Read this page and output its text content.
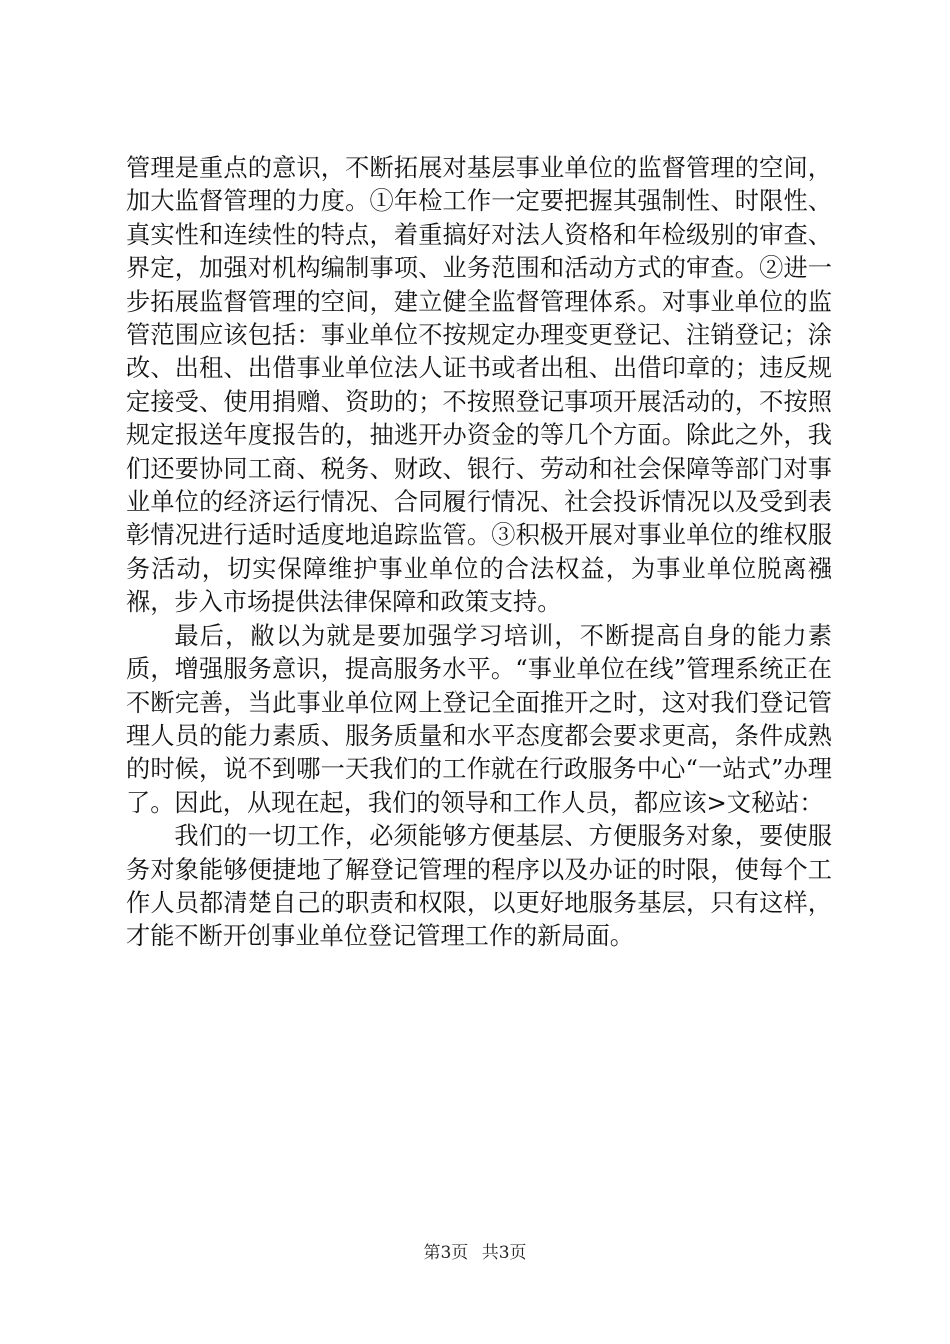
管理是重点的意识，不断拓展对基层事业单位的监督管理的空间，加大监督管理的力度。①年检工作一定要把握其强制性、时限性、真实性和连续性的特点，着重搞好对法人资格和年检级别的审查、界定，加强对机构编制事项、业务范围和活动方式的审查。②进一步拓展监督管理的空间，建立健全监督管理体系。对事业单位的监管范围应该包括：事业单位不按规定办理变更登记、注销登记；涂改、出租、出借事业单位法人证书或者出租、出借印章的；违反规定接受、使用捐赠、资助的；不按照登记事项开展活动的，不按照规定报送年度报告的，抽逃开办资金的等几个方面。除此之外，我们还要协同工商、税务、财政、银行、劳动和社会保障等部门对事业单位的经济运行情况、合同履行情况、社会投诉情况以及受到表彰情况进行适时适度地追踪监管。③积极开展对事业单位的维权服务活动，切实保障维护事业单位的合法权益，为事业单位脱离襁褓，步入市场提供法律保障和政策支持。

最后，敝以为就是要加强学习培训，不断提高自身的能力素质，增强服务意识，提高服务水平。“事业单位在线”管理系统正在不断完善，当此事业单位网上登记全面推开之时，这对我们登记管理人员的能力素质、服务质量和水平态度都会要求更高，条件成熟的时候，说不到哪一天我们的工作就在行政服务中心“一站式”办理了。因此，从现在起，我们的领导和工作人员，都应该>文秘站：

我们的一切工作，必须能够方便基层、方便服务对象，要使服务对象能够便捷地了解登记管理的程序以及办证的时限，使每个工作人员都清楚自己的职责和权限，以更好地服务基层，只有这样，才能不断开创事业单位登记管理工作的新局面。

第3页 共3页
